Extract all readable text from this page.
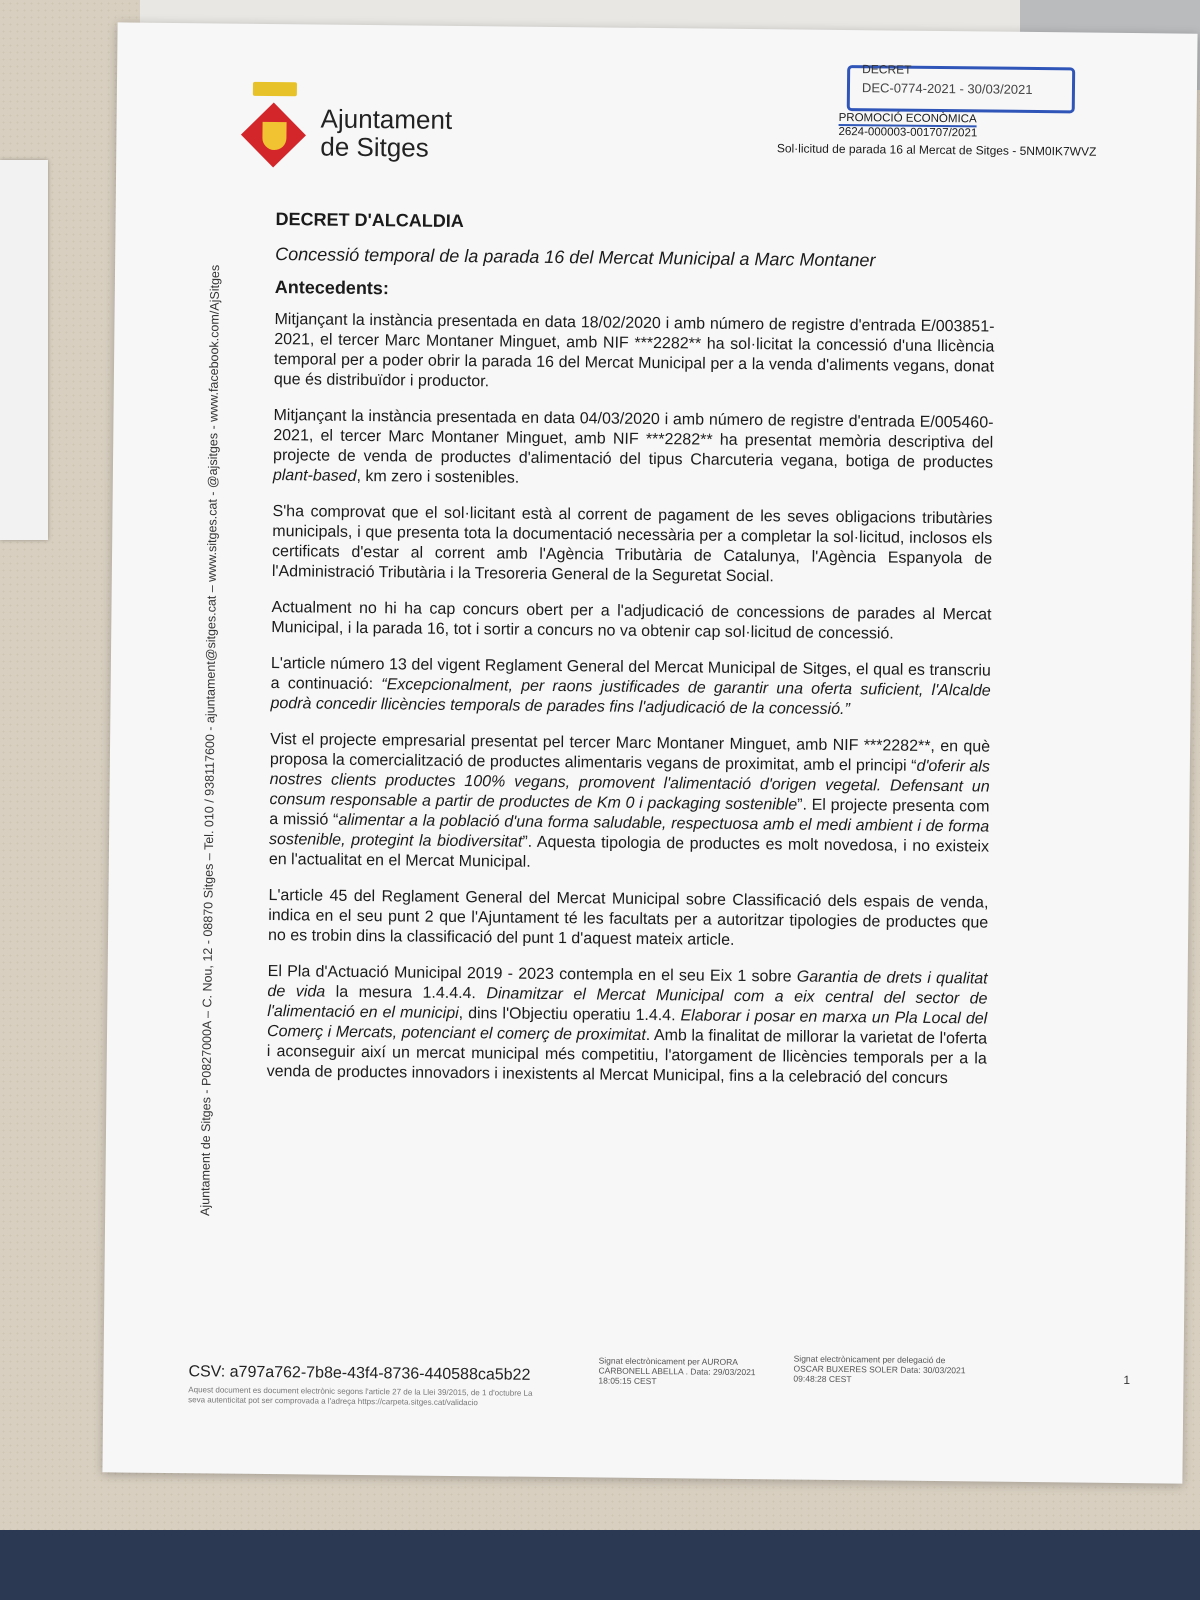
Ajuntament de Sitges - P0827000A – C. Nou, 12 - 08870 Sitges – Tel. 010 / 938117600 - ajuntament@sitges.cat – www.sitges.cat - @ajsitges - www.facebook.com/AjSitges
Ajuntament
de Sitges
DECRET
DEC-0774-2021 - 30/03/2021
PROMOCIÓ ECONÒMICA
2624-000003-001707/2021
Sol·licitud de parada 16 al Mercat de Sitges - 5NM0IK7WVZ
DECRET D'ALCALDIA
Concessió temporal de la parada 16 del Mercat Municipal a Marc Montaner
Antecedents:

Mitjançant la instància presentada en data 18/02/2020 i amb número de registre d'entrada E/003851-2021, el tercer Marc Montaner Minguet, amb NIF ***2282** ha sol·licitat la concessió d'una llicència temporal per a poder obrir la parada 16 del Mercat Municipal per a la venda d'aliments vegans, donat que és distribuïdor i productor.

Mitjançant la instància presentada en data 04/03/2020 i amb número de registre d'entrada E/005460-2021, el tercer Marc Montaner Minguet, amb NIF ***2282** ha presentat memòria descriptiva del projecte de venda de productes d'alimentació del tipus Charcuteria vegana, botiga de productes plant-based, km zero i sostenibles.

S'ha comprovat que el sol·licitant està al corrent de pagament de les seves obligacions tributàries municipals, i que presenta tota la documentació necessària per a completar la sol·licitud, inclosos els certificats d'estar al corrent amb l'Agència Tributària de Catalunya, l'Agència Espanyola de l'Administració Tributària i la Tresoreria General de la Seguretat Social.

Actualment no hi ha cap concurs obert per a l'adjudicació de concessions de parades al Mercat Municipal, i la parada 16, tot i sortir a concurs no va obtenir cap sol·licitud de concessió.

L'article número 13 del vigent Reglament General del Mercat Municipal de Sitges, el qual es transcriu a continuació: “Excepcionalment, per raons justificades de garantir una oferta suficient, l'Alcalde podrà concedir llicències temporals de parades fins l'adjudicació de la concessió.”

Vist el projecte empresarial presentat pel tercer Marc Montaner Minguet, amb NIF ***2282**, en què proposa la comercialització de productes alimentaris vegans de proximitat, amb el principi “d'oferir als nostres clients productes 100% vegans, promovent l'alimentació d'origen vegetal. Defensant un consum responsable a partir de productes de Km 0 i packaging sostenible”. El projecte presenta com a missió “alimentar a la població d'una forma saludable, respectuosa amb el medi ambient i de forma sostenible, protegint la biodiversitat”. Aquesta tipologia de productes es molt novedosa, i no existeix en l'actualitat en el Mercat Municipal.

L'article 45 del Reglament General del Mercat Municipal sobre Classificació dels espais de venda, indica en el seu punt 2 que l'Ajuntament té les facultats per a autoritzar tipologies de productes que no es trobin dins la classificació del punt 1 d'aquest mateix article.

El Pla d'Actuació Municipal 2019 - 2023 contempla en el seu Eix 1 sobre Garantia de drets i qualitat de vida la mesura 1.4.4.4. Dinamitzar el Mercat Municipal com a eix central del sector de l'alimentació en el municipi, dins l'Objectiu operatiu 1.4.4. Elaborar i posar en marxa un Pla Local del Comerç i Mercats, potenciant el comerç de proximitat. Amb la finalitat de millorar la varietat de l'oferta i aconseguir així un mercat municipal més competitiu, l'atorgament de llicències temporals per a la venda de productes innovadors i inexistents al Mercat Municipal, fins a la celebració del concurs

CSV: a797a762-7b8e-43f4-8736-440588ca5b22
Aquest document es document electrònic segons l'article 27 de la Llei 39/2015, de 1 d'octubre La seva autenticitat pot ser comprovada a l'adreça https://carpeta.sitges.cat/validacio
Signat electrònicament per AURORA CARBONELL ABELLA . Data: 29/03/2021 18:05:15 CEST
Signat electrònicament per delegació de OSCAR BUXERES SOLER Data: 30/03/2021 09:48:28 CEST	1
